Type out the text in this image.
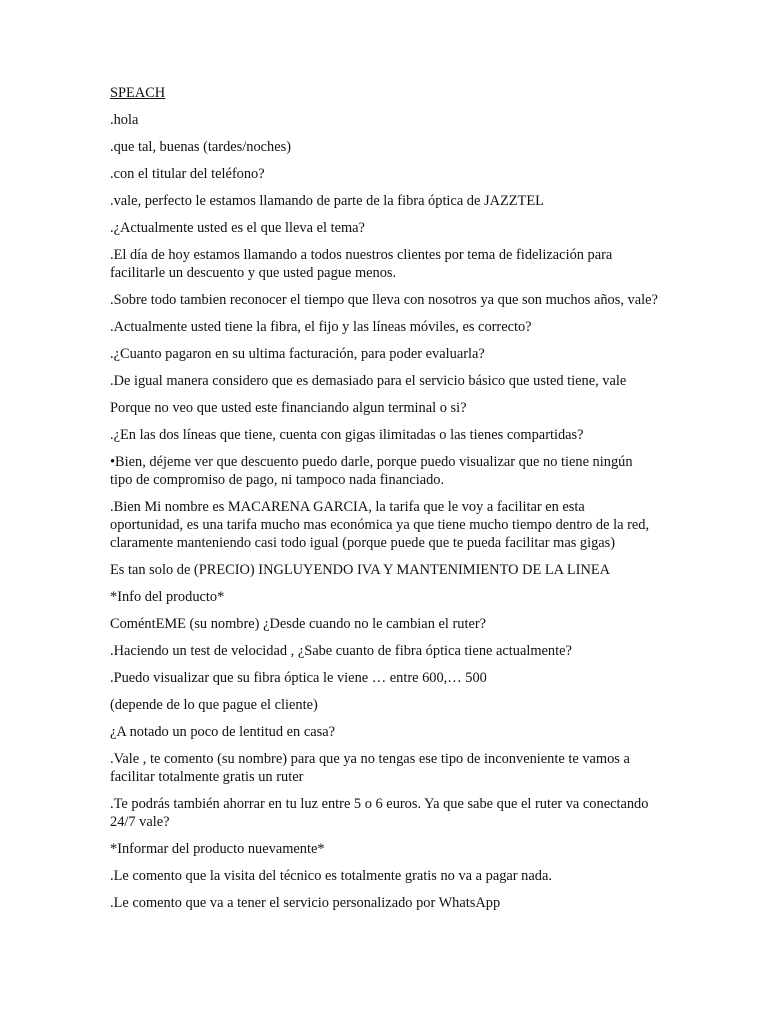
SPEACH
.hola
.que tal, buenas (tardes/noches)
.con el titular del teléfono?
.vale, perfecto le estamos llamando de parte de la fibra óptica de JAZZTEL
.¿Actualmente usted es el que lleva el tema?
.El día de hoy estamos llamando a todos nuestros clientes por tema de fidelización para facilitarle un descuento y que usted pague menos.
.Sobre todo tambien reconocer el tiempo que lleva con nosotros ya que son muchos años, vale?
.Actualmente usted tiene la fibra, el fijo y las líneas móviles, es correcto?
.¿Cuanto pagaron en su ultima facturación, para poder evaluarla?
.De igual manera considero que es demasiado para el servicio básico que usted tiene, vale
Porque no veo que usted este financiando algun terminal o si?
.¿En las dos líneas que tiene, cuenta con gigas ilimitadas o las tienes compartidas?
•Bien, déjeme ver que descuento puedo darle, porque puedo visualizar que no tiene ningún tipo de compromiso de pago, ni tampoco nada financiado.
.Bien Mi nombre es MACARENA GARCIA, la tarifa que le voy a facilitar en esta oportunidad, es una tarifa mucho mas económica ya que tiene mucho tiempo dentro de la red, claramente manteniendo casi todo igual (porque puede que te pueda facilitar mas gigas)
Es tan solo de (PRECIO) INGLUYENDO IVA Y MANTENIMIENTO DE LA LINEA
*Info del producto*
ComéntEME (su nombre) ¿Desde cuando no le cambian el ruter?
.Haciendo un test de velocidad , ¿Sabe cuanto de fibra óptica tiene actualmente?
.Puedo visualizar que su fibra óptica le viene … entre 600,… 500
(depende de lo que pague el cliente)
¿A notado un poco de lentitud en casa?
.Vale , te comento (su nombre) para que ya no tengas ese tipo de inconveniente te vamos a facilitar totalmente gratis un ruter
.Te podrás también ahorrar en tu luz entre 5 o 6 euros. Ya que sabe que el ruter va conectando 24/7 vale?
*Informar del producto nuevamente*
.Le comento que la visita del técnico es totalmente gratis no va a pagar nada.
.Le comento que va a tener el servicio personalizado por WhatsApp
